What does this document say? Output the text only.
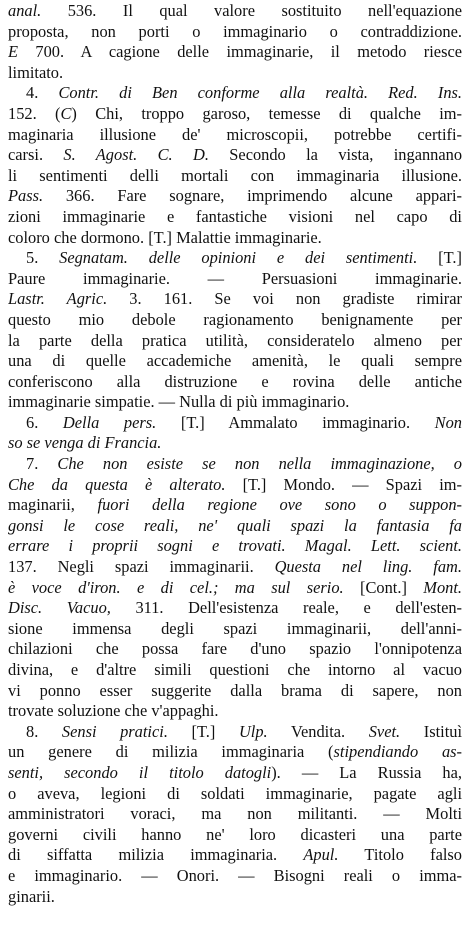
anal. 536. Il qual valore sostituito nell'equazione
proposta, non porti o immaginario o contraddizione.
E 700. A cagione delle immaginarie, il metodo riesce
limitato.
4. Contr. di Ben conforme alla realtà. Red. Ins.
152. (C) Chi, troppo garoso, temesse di qualche im-
maginaria illusione de' microscopii, potrebbe certifi-
carsi. S. Agost. C. D. Secondo la vista, ingannano
li sentimenti delli mortali con immaginaria illusione.
Pass. 366. Fare sognare, imprimendo alcune appari-
zioni immaginarie e fantastiche visioni nel capo di
coloro che dormono. [T.] Malattie immaginarie.
5. Segnatam. delle opinioni e dei sentimenti. [T.]
Paure immaginarie. — Persuasioni immaginarie.
Lastr. Agric. 3. 161. Se voi non gradiste rimirar
questo mio debole ragionamento benignamente per
la parte della pratica utilità, consideratelo almeno per
una di quelle accademiche amenità, le quali sempre
conferiscono alla distruzione e rovina delle antiche
immaginarie simpatie. — Nulla di più immaginario.
6. Della pers. [T.] Ammalato immaginario. Non
so se venga di Francia.
7. Che non esiste se non nella immaginazione, o
Che da questa è alterato. [T.] Mondo. — Spazi im-
maginarii, fuori della regione ove sono o suppon-
gonsi le cose reali, ne' quali spazi la fantasia fa
errare i proprii sogni e trovati. Magal. Lett. scient.
137. Negli spazi immaginarii. Questa nel ling. fam.
è voce d'iron. e di cel.; ma sul serio. [Cont.] Mont.
Disc. Vacuo, 311. Dell'esistenza reale, e dell'esten-
sione immensa degli spazi immaginarii, dell'anni-
chilazioni che possa fare d'uno spazio l'onnipotenza
divina, e d'altre simili questioni che intorno al vacuo
vi ponno esser suggerite dalla brama di sapere, non
trovate soluzione che v'appaghi.
8. Sensi pratici. [T.] Ulp. Vendita. Svet. Istituì
un genere di milizia immaginaria (stipendiando as-
senti, secondo il titolo datogli). — La Russia ha,
o aveva, legioni di soldati immaginarie, pagate agli
amministratori voraci, ma non militanti. — Molti
governi civili hanno ne' loro dicasteri una parte
di siffatta milizia immaginaria. Apul. Titolo falso
e immaginario. — Onori. — Bisogni reali o imma-
ginarii.
